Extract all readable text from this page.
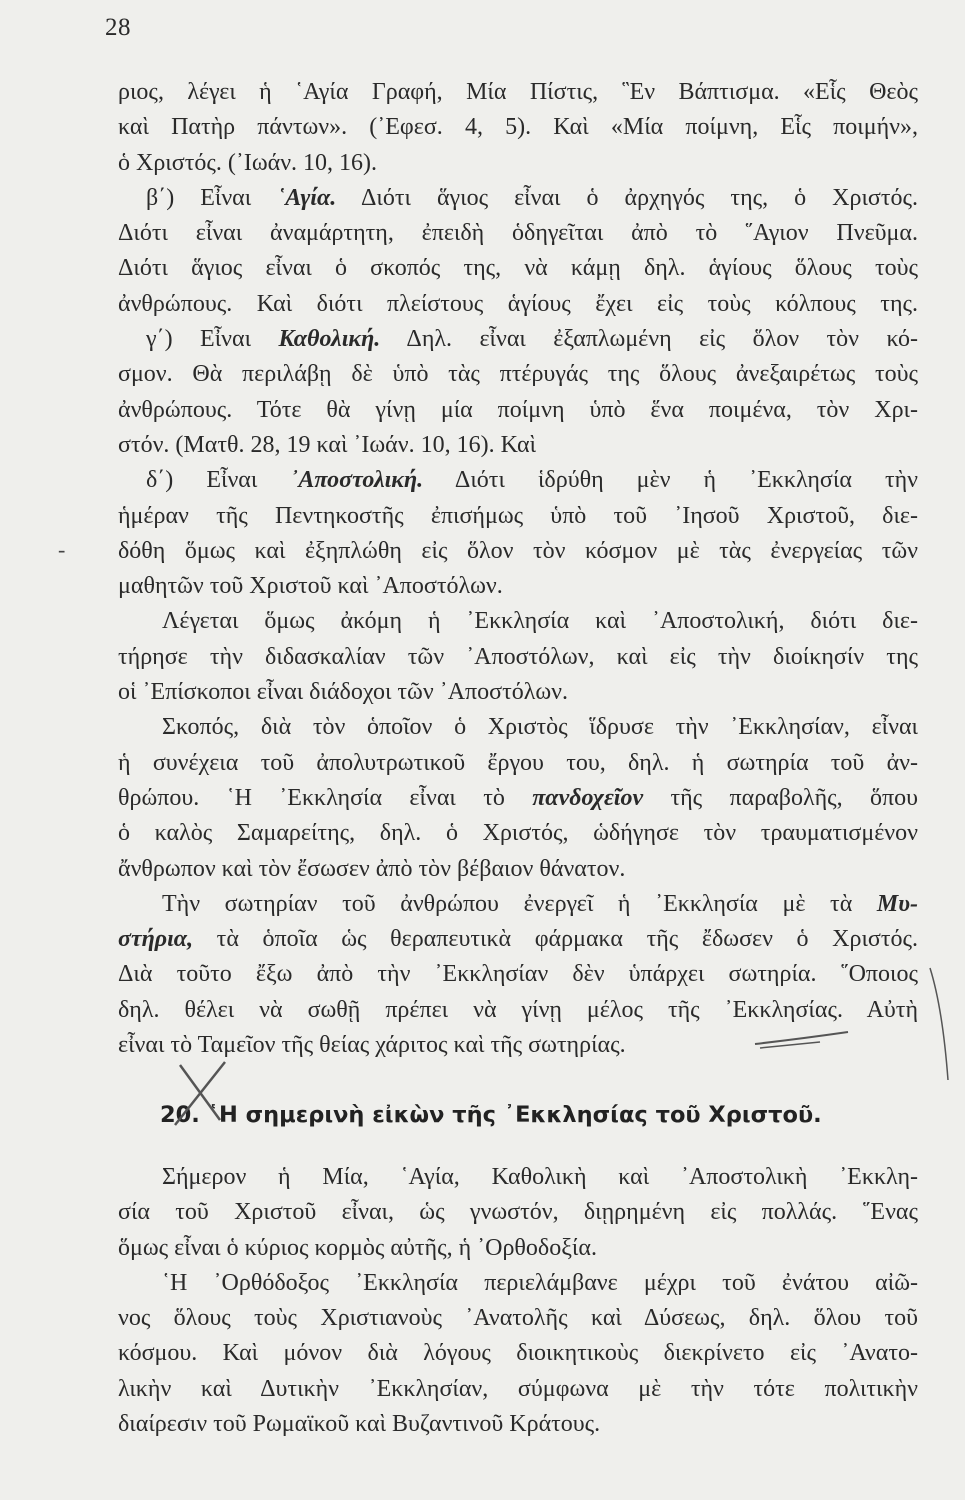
28
-
ριος, λέγει ἡ ῾Αγία Γραφή, Μία Πίστις, ῝Εν Βάπτισμα. «Εἷς Θεὸς
καὶ Πατὴρ πάντων». (᾿Εφεσ. 4, 5). Καὶ «Μία ποίμνη, Εἷς ποιμήν»,
ὁ Χριστός. (᾿Ιωάν. 10, 16).
β΄) Εἶναι ῾Αγία. Διότι ἅγιος εἶναι ὁ ἀρχηγός της, ὁ Χριστός.
Διότι εἶναι ἀναμάρτητη, ἐπειδὴ ὁδηγεῖται ἀπὸ τὸ ῞Αγιον Πνεῦμα.
Διότι ἅγιος εἶναι ὁ σκοπός της, νὰ κάμῃ δηλ. ἁγίους ὅλους τοὺς
ἀνθρώπους. Καὶ διότι πλείστους ἁγίους ἔχει εἰς τοὺς κόλπους της.
γ΄) Εἶναι Καθολική. Δηλ. εἶναι ἐξαπλωμένη εἰς ὅλον τὸν κό-
σμον. Θὰ περιλάβῃ δὲ ὑπὸ τὰς πτέρυγάς της ὅλους ἀνεξαιρέτως τοὺς
ἀνθρώπους. Τότε θὰ γίνῃ μία ποίμνη ὑπὸ ἕνα ποιμένα, τὸν Χρι-
στόν. (Ματθ. 28, 19 καὶ ᾿Ιωάν. 10, 16). Καὶ
δ΄) Εἶναι ᾿Αποστολική. Διότι ἱδρύθη μὲν ἡ ᾿Εκκλησία τὴν
ἡμέραν τῆς Πεντηκοστῆς ἐπισήμως ὑπὸ τοῦ ᾿Ιησοῦ Χριστοῦ, διε-
δόθη ὅμως καὶ ἐξηπλώθη εἰς ὅλον τὸν κόσμον μὲ τὰς ἐνεργείας τῶν
μαθητῶν τοῦ Χριστοῦ καὶ ᾿Αποστόλων.
Λέγεται ὅμως ἀκόμη ἡ ᾿Εκκλησία καὶ ᾿Αποστολική, διότι διε-
τήρησε τὴν διδασκαλίαν τῶν ᾿Αποστόλων, καὶ εἰς τὴν διοίκησίν της
οἱ ᾿Επίσκοποι εἶναι διάδοχοι τῶν ᾿Αποστόλων.
Σκοπός, διὰ τὸν ὁποῖον ὁ Χριστὸς ἵδρυσε τὴν ᾿Εκκλησίαν, εἶναι
ἡ συνέχεια τοῦ ἀπολυτρωτικοῦ ἔργου του, δηλ. ἡ σωτηρία τοῦ ἀν-
θρώπου. ῾Η ᾿Εκκλησία εἶναι τὸ πανδοχεῖον τῆς παραβολῆς, ὅπου
ὁ καλὸς Σαμαρείτης, δηλ. ὁ Χριστός, ὡδήγησε τὸν τραυματισμένον
ἄνθρωπον καὶ τὸν ἔσωσεν ἀπὸ τὸν βέβαιον θάνατον.
Τὴν σωτηρίαν τοῦ ἀνθρώπου ἐνεργεῖ ἡ ᾿Εκκλησία μὲ τὰ Μυ-
στήρια, τὰ ὁποῖα ὡς θεραπευτικὰ φάρμακα τῆς ἔδωσεν ὁ Χριστός.
Διὰ τοῦτο ἔξω ἀπὸ τὴν ᾿Εκκλησίαν δὲν ὑπάρχει σωτηρία. ῞Οποιος
δηλ. θέλει νὰ σωθῇ πρέπει νὰ γίνῃ μέλος τῆς ᾿Εκκλησίας. Αὐτὴ
εἶναι τὸ Ταμεῖον τῆς θείας χάριτος καὶ τῆς σωτηρίας.
20. ῾Η σημερινὴ εἰκὼν τῆς ᾿Εκκλησίας τοῦ Χριστοῦ.
Σήμερον ἡ Μία, ῾Αγία, Καθολικὴ καὶ ᾿Αποστολικὴ ᾿Εκκλη-
σία τοῦ Χριστοῦ εἶναι, ὡς γνωστόν, διῃρημένη εἰς πολλάς. ῞Ενας
ὅμως εἶναι ὁ κύριος κορμὸς αὐτῆς, ἡ ᾿Ορθοδοξία.
῾Η ᾿Ορθόδοξος ᾿Εκκλησία περιελάμβανε μέχρι τοῦ ἐνάτου αἰῶ-
νος ὅλους τοὺς Χριστιανοὺς ᾿Ανατολῆς καὶ Δύσεως, δηλ. ὅλου τοῦ
κόσμου. Καὶ μόνον διὰ λόγους διοικητικοὺς διεκρίνετο εἰς ᾿Ανατο-
λικὴν καὶ Δυτικὴν ᾿Εκκλησίαν, σύμφωνα μὲ τὴν τότε πολιτικὴν
διαίρεσιν τοῦ Ρωμαϊκοῦ καὶ Βυζαντινοῦ Κράτους.
